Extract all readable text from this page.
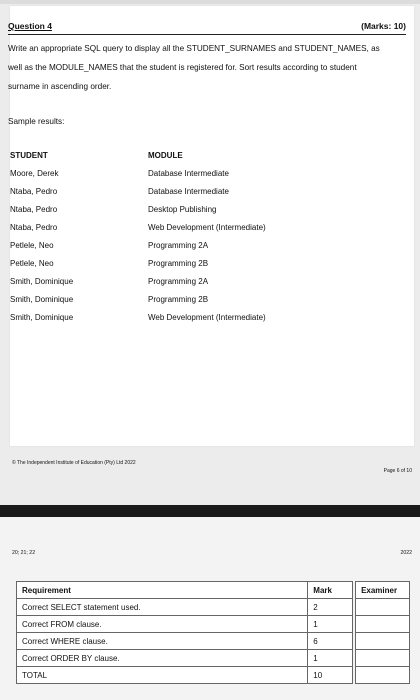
Question 4	(Marks: 10)
Write an appropriate SQL query to display all the STUDENT_SURNAMES and STUDENT_NAMES, as
well as the MODULE_NAMES that the student is registered for. Sort results according to student
surname in ascending order.
Sample results:
STUDENT	MODULE
Moore, Derek	Database Intermediate
Ntaba, Pedro	Database Intermediate
Ntaba, Pedro	Desktop Publishing
Ntaba, Pedro	Web Development (Intermediate)
Petlele, Neo	Programming 2A
Petlele, Neo	Programming 2B
Smith, Dominique	Programming 2A
Smith, Dominique	Programming 2B
Smith, Dominique	Web Development (Intermediate)
© The Independent Institute of Education (Pty) Ltd 2022
Page 6 of 10
20; 21; 22	2022
Requirement	Mark		Examiner
Correct SELECT statement used.	2		
Correct FROM clause.	1		
Correct WHERE clause.	6		
Correct ORDER BY clause.	1		
TOTAL	10		
